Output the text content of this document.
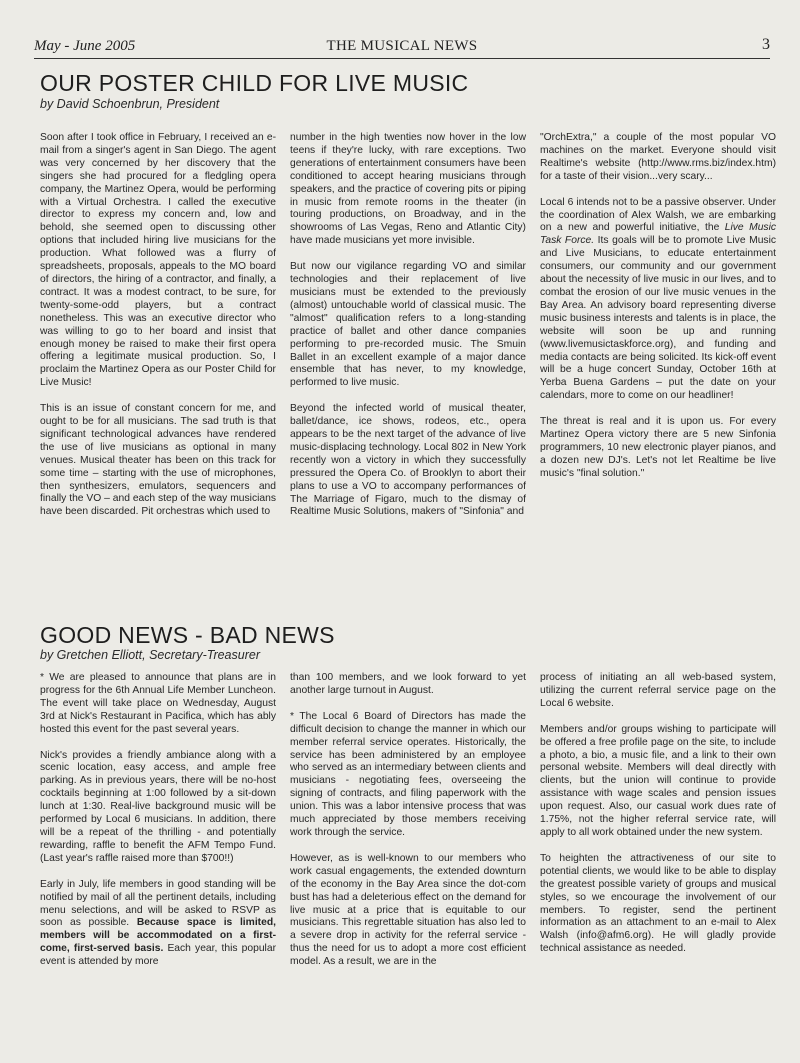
May - June 2005	THE MUSICAL NEWS	3
OUR POSTER CHILD FOR LIVE MUSIC
by David Schoenbrun, President

Soon after I took office in February, I received an e-mail from a singer's agent in San Diego. The agent was very concerned by her discovery that the singers she had procured for a fledgling opera company, the Martinez Opera, would be performing with a Virtual Orchestra. I called the executive director to express my concern and, low and behold, she seemed open to discussing other options that included hiring live musicians for the production. What followed was a flurry of spreadsheets, proposals, appeals to the MO board of directors, the hiring of a contractor, and finally, a contract. It was a modest contract, to be sure, for twenty-some-odd players, but a contract nonetheless. This was an executive director who was willing to go to her board and insist that enough money be raised to make their first opera offering a legitimate musical production. So, I proclaim the Martinez Opera as our Poster Child for Live Music!

This is an issue of constant concern for me, and ought to be for all musicians. The sad truth is that significant technological advances have rendered the use of live musicians as optional in many venues. Musical theater has been on this track for some time – starting with the use of microphones, then synthesizers, emulators, sequencers and finally the VO – and each step of the way musicians have been discarded. Pit orchestras which used to

number in the high twenties now hover in the low teens if they're lucky, with rare exceptions. Two generations of entertainment consumers have been conditioned to accept hearing musicians through speakers, and the practice of covering pits or piping in music from remote rooms in the theater (in touring productions, on Broadway, and in the showrooms of Las Vegas, Reno and Atlantic City) have made musicians yet more invisible.

But now our vigilance regarding VO and similar technologies and their replacement of live musicians must be extended to the previously (almost) untouchable world of classical music. The "almost" qualification refers to a long-standing practice of ballet and other dance companies performing to pre-recorded music. The Smuin Ballet in an excellent example of a major dance ensemble that has never, to my knowledge, performed to live music.

Beyond the infected world of musical theater, ballet/dance, ice shows, rodeos, etc., opera appears to be the next target of the advance of live music-displacing technology. Local 802 in New York recently won a victory in which they successfully pressured the Opera Co. of Brooklyn to abort their plans to use a VO to accompany performances of The Marriage of Figaro, much to the dismay of Realtime Music Solutions, makers of "Sinfonia" and

"OrchExtra," a couple of the most popular VO machines on the market. Everyone should visit Realtime's website (http://www.rms.biz/index.htm) for a taste of their vision...very scary...

Local 6 intends not to be a passive observer. Under the coordination of Alex Walsh, we are embarking on a new and powerful initiative, the Live Music Task Force. Its goals will be to promote Live Music and Live Musicians, to educate entertainment consumers, our community and our government about the necessity of live music in our lives, and to combat the erosion of our live music venues in the Bay Area. An advisory board representing diverse music business interests and talents is in place, the website will soon be up and running (www.livemusictaskforce.org), and funding and media contacts are being solicited. Its kick-off event will be a huge concert Sunday, October 16th at Yerba Buena Gardens – put the date on your calendars, more to come on our headliner!

The threat is real and it is upon us. For every Martinez Opera victory there are 5 new Sinfonia programmers, 10 new electronic player pianos, and a dozen new DJ's. Let's not let Realtime be live music's "final solution."

GOOD NEWS - BAD NEWS
by Gretchen Elliott, Secretary-Treasurer

* We are pleased to announce that plans are in progress for the 6th Annual Life Member Luncheon. The event will take place on Wednesday, August 3rd at Nick's Restaurant in Pacifica, which has ably hosted this event for the past several years.

Nick's provides a friendly ambiance along with a scenic location, easy access, and ample free parking. As in previous years, there will be no-host cocktails beginning at 1:00 followed by a sit-down lunch at 1:30. Real-live background music will be performed by Local 6 musicians. In addition, there will be a repeat of the thrilling - and potentially rewarding, raffle to benefit the AFM Tempo Fund. (Last year's raffle raised more than $700!!)

Early in July, life members in good standing will be notified by mail of all the pertinent details, including menu selections, and will be asked to RSVP as soon as possible. Because space is limited, members will be accommodated on a first-come, first-served basis. Each year, this popular event is attended by more

than 100 members, and we look forward to yet another large turnout in August.

* The Local 6 Board of Directors has made the difficult decision to change the manner in which our member referral service operates. Historically, the service has been administered by an employee who served as an intermediary between clients and musicians - negotiating fees, overseeing the signing of contracts, and filing paperwork with the union. This was a labor intensive process that was much appreciated by those members receiving work through the service.

However, as is well-known to our members who work casual engagements, the extended downturn of the economy in the Bay Area since the dot-com bust has had a deleterious effect on the demand for live music at a price that is equitable to our musicians. This regrettable situation has also led to a severe drop in activity for the referral service - thus the need for us to adopt a more cost efficient model. As a result, we are in the

process of initiating an all web-based system, utilizing the current referral service page on the Local 6 website.

Members and/or groups wishing to participate will be offered a free profile page on the site, to include a photo, a bio, a music file, and a link to their own personal website. Members will deal directly with clients, but the union will continue to provide assistance with wage scales and pension issues upon request. Also, our casual work dues rate of 1.75%, not the higher referral service rate, will apply to all work obtained under the new system.

To heighten the attractiveness of our site to potential clients, we would like to be able to display the greatest possible variety of groups and musical styles, so we encourage the involvement of our members. To register, send the pertinent information as an attachment to an e-mail to Alex Walsh (info@afm6.org). He will gladly provide technical assistance as needed.
